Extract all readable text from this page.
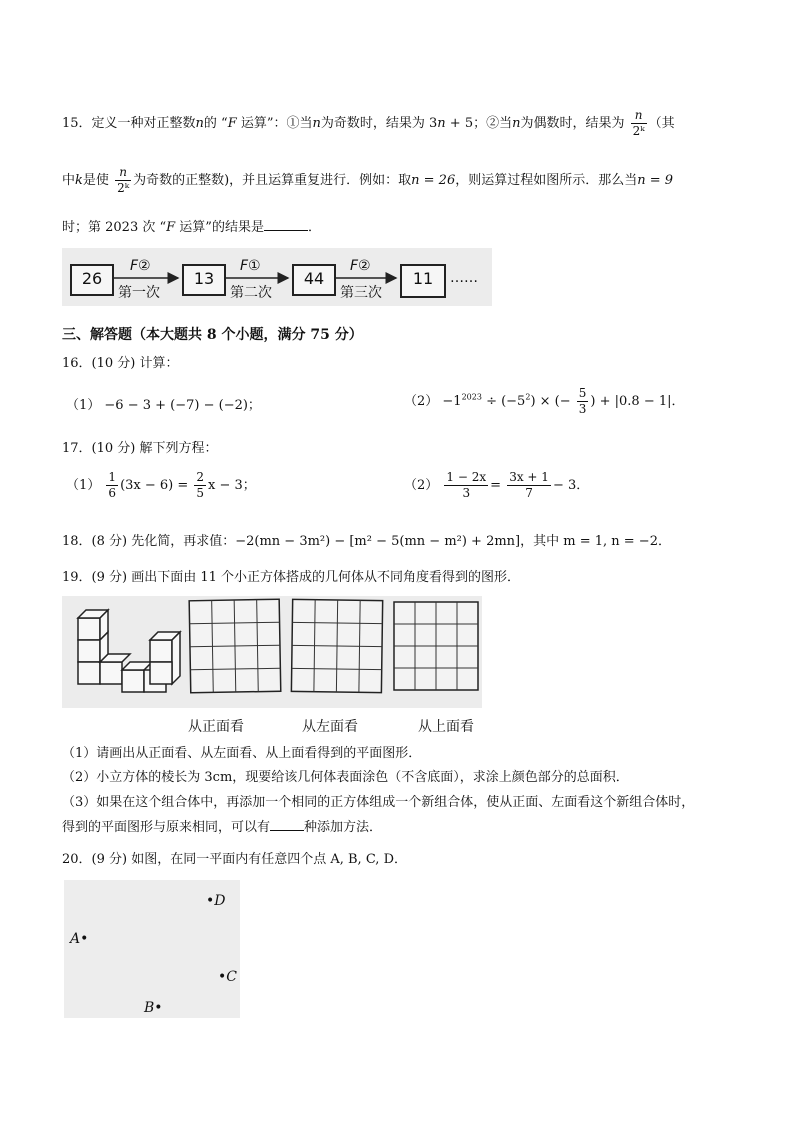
15．定义一种对正整数n的 “F 运算”：①当n为奇数时，结果为 3n + 5；②当n为偶数时，结果为 $\frac{n}{\text{2ᵏ}}$ （其
中k是使 $\frac{n}{\text{2ᵏ}}$ 为奇数的正整数)，并且运算重复进行．例如：取n = 26，则运算过程如图所示．那么当n = 9
时；第 2023 次 “F 运算”的结果是	．
26	13	44	11
F②	F①	F②
第一次	第二次	第三次
……
三、解答题（本大题共 8 个小题，满分 75 分）
16．(10 分) 计算：
（1） −6 − 3 + (−7) − (−2)；	$(2) -1^{2023} \div (-5^2)$ × (− $\frac{5}{3}$ ) + |0.8 − 1|．
17．(10 分) 解下列方程：
$(1) \frac{1}{6} (3x - 6) = \frac{2}{5}$ x − 3；	$(2) \frac{1 - 2x}{3} = \frac{3x + 1}{7} - 3$．
18．(8 分) 先化简，再求值：−2(mn − 3m²) − [m² − 5(mn − m²) + 2mn]，其中 m = 1, n = −2．
19．(9 分) 画出下面由 11 个小正方体搭成的几何体从不同角度看得到的图形．
从正面看	从左面看	从上面看
（1）请画出从正面看、从左面看、从上面看得到的平面图形．
（2）小立方体的棱长为 3cm，现要给该几何体表面涂色（不含底面），求涂上颜色部分的总面积．
（3）如果在这个组合体中，再添加一个相同的正方体组成一个新组合体，使从正面、左面看这个新组合体时，
得到的平面图形与原来相同，可以有	种添加方法．
20．(9 分) 如图，在同一平面内有任意四个点 A, B, C, D．
•D
A•
•C
B•
